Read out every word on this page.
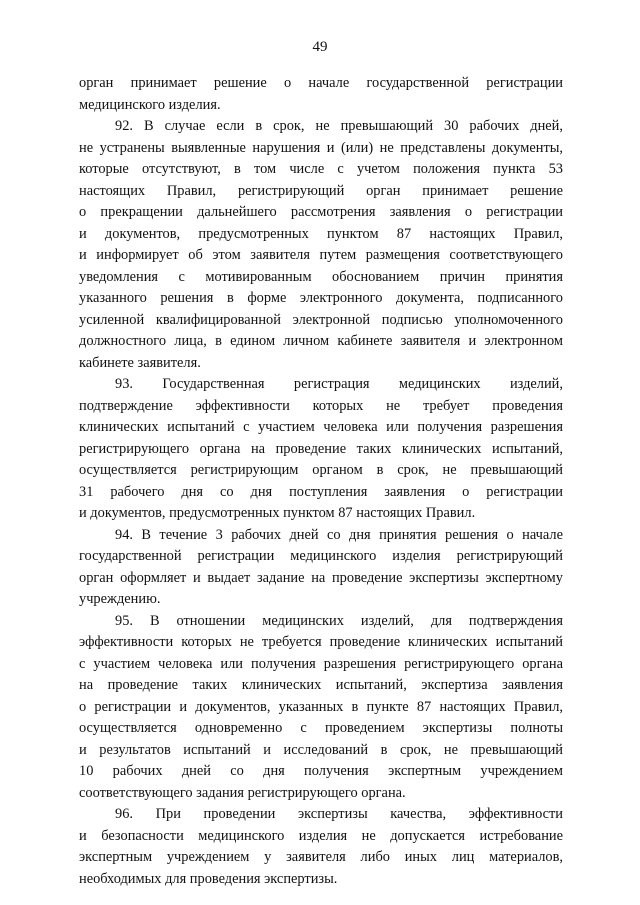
49
орган принимает решение о начале государственной регистрации
медицинского изделия.
92. В случае если в срок, не превышающий 30 рабочих дней,
не устранены выявленные нарушения и (или) не представлены документы,
которые отсутствуют, в том числе с учетом положения пункта 53
настоящих Правил, регистрирующий орган принимает решение
о прекращении дальнейшего рассмотрения заявления о регистрации
и документов, предусмотренных пунктом 87 настоящих Правил,
и информирует об этом заявителя путем размещения соответствующего
уведомления с мотивированным обоснованием причин принятия
указанного решения в форме электронного документа, подписанного
усиленной квалифицированной электронной подписью уполномоченного
должностного лица, в едином личном кабинете заявителя и электронном
кабинете заявителя.
93. Государственная регистрация медицинских изделий,
подтверждение эффективности которых не требует проведения
клинических испытаний с участием человека или получения разрешения
регистрирующего органа на проведение таких клинических испытаний,
осуществляется регистрирующим органом в срок, не превышающий
31 рабочего дня со дня поступления заявления о регистрации
и документов, предусмотренных пунктом 87 настоящих Правил.
94. В течение 3 рабочих дней со дня принятия решения о начале
государственной регистрации медицинского изделия регистрирующий
орган оформляет и выдает задание на проведение экспертизы экспертному
учреждению.
95. В отношении медицинских изделий, для подтверждения
эффективности которых не требуется проведение клинических испытаний
с участием человека или получения разрешения регистрирующего органа
на проведение таких клинических испытаний, экспертиза заявления
о регистрации и документов, указанных в пункте 87 настоящих Правил,
осуществляется одновременно с проведением экспертизы полноты
и результатов испытаний и исследований в срок, не превышающий
10 рабочих дней со дня получения экспертным учреждением
соответствующего задания регистрирующего органа.
96. При проведении экспертизы качества, эффективности
и безопасности медицинского изделия не допускается истребование
экспертным учреждением у заявителя либо иных лиц материалов,
необходимых для проведения экспертизы.
